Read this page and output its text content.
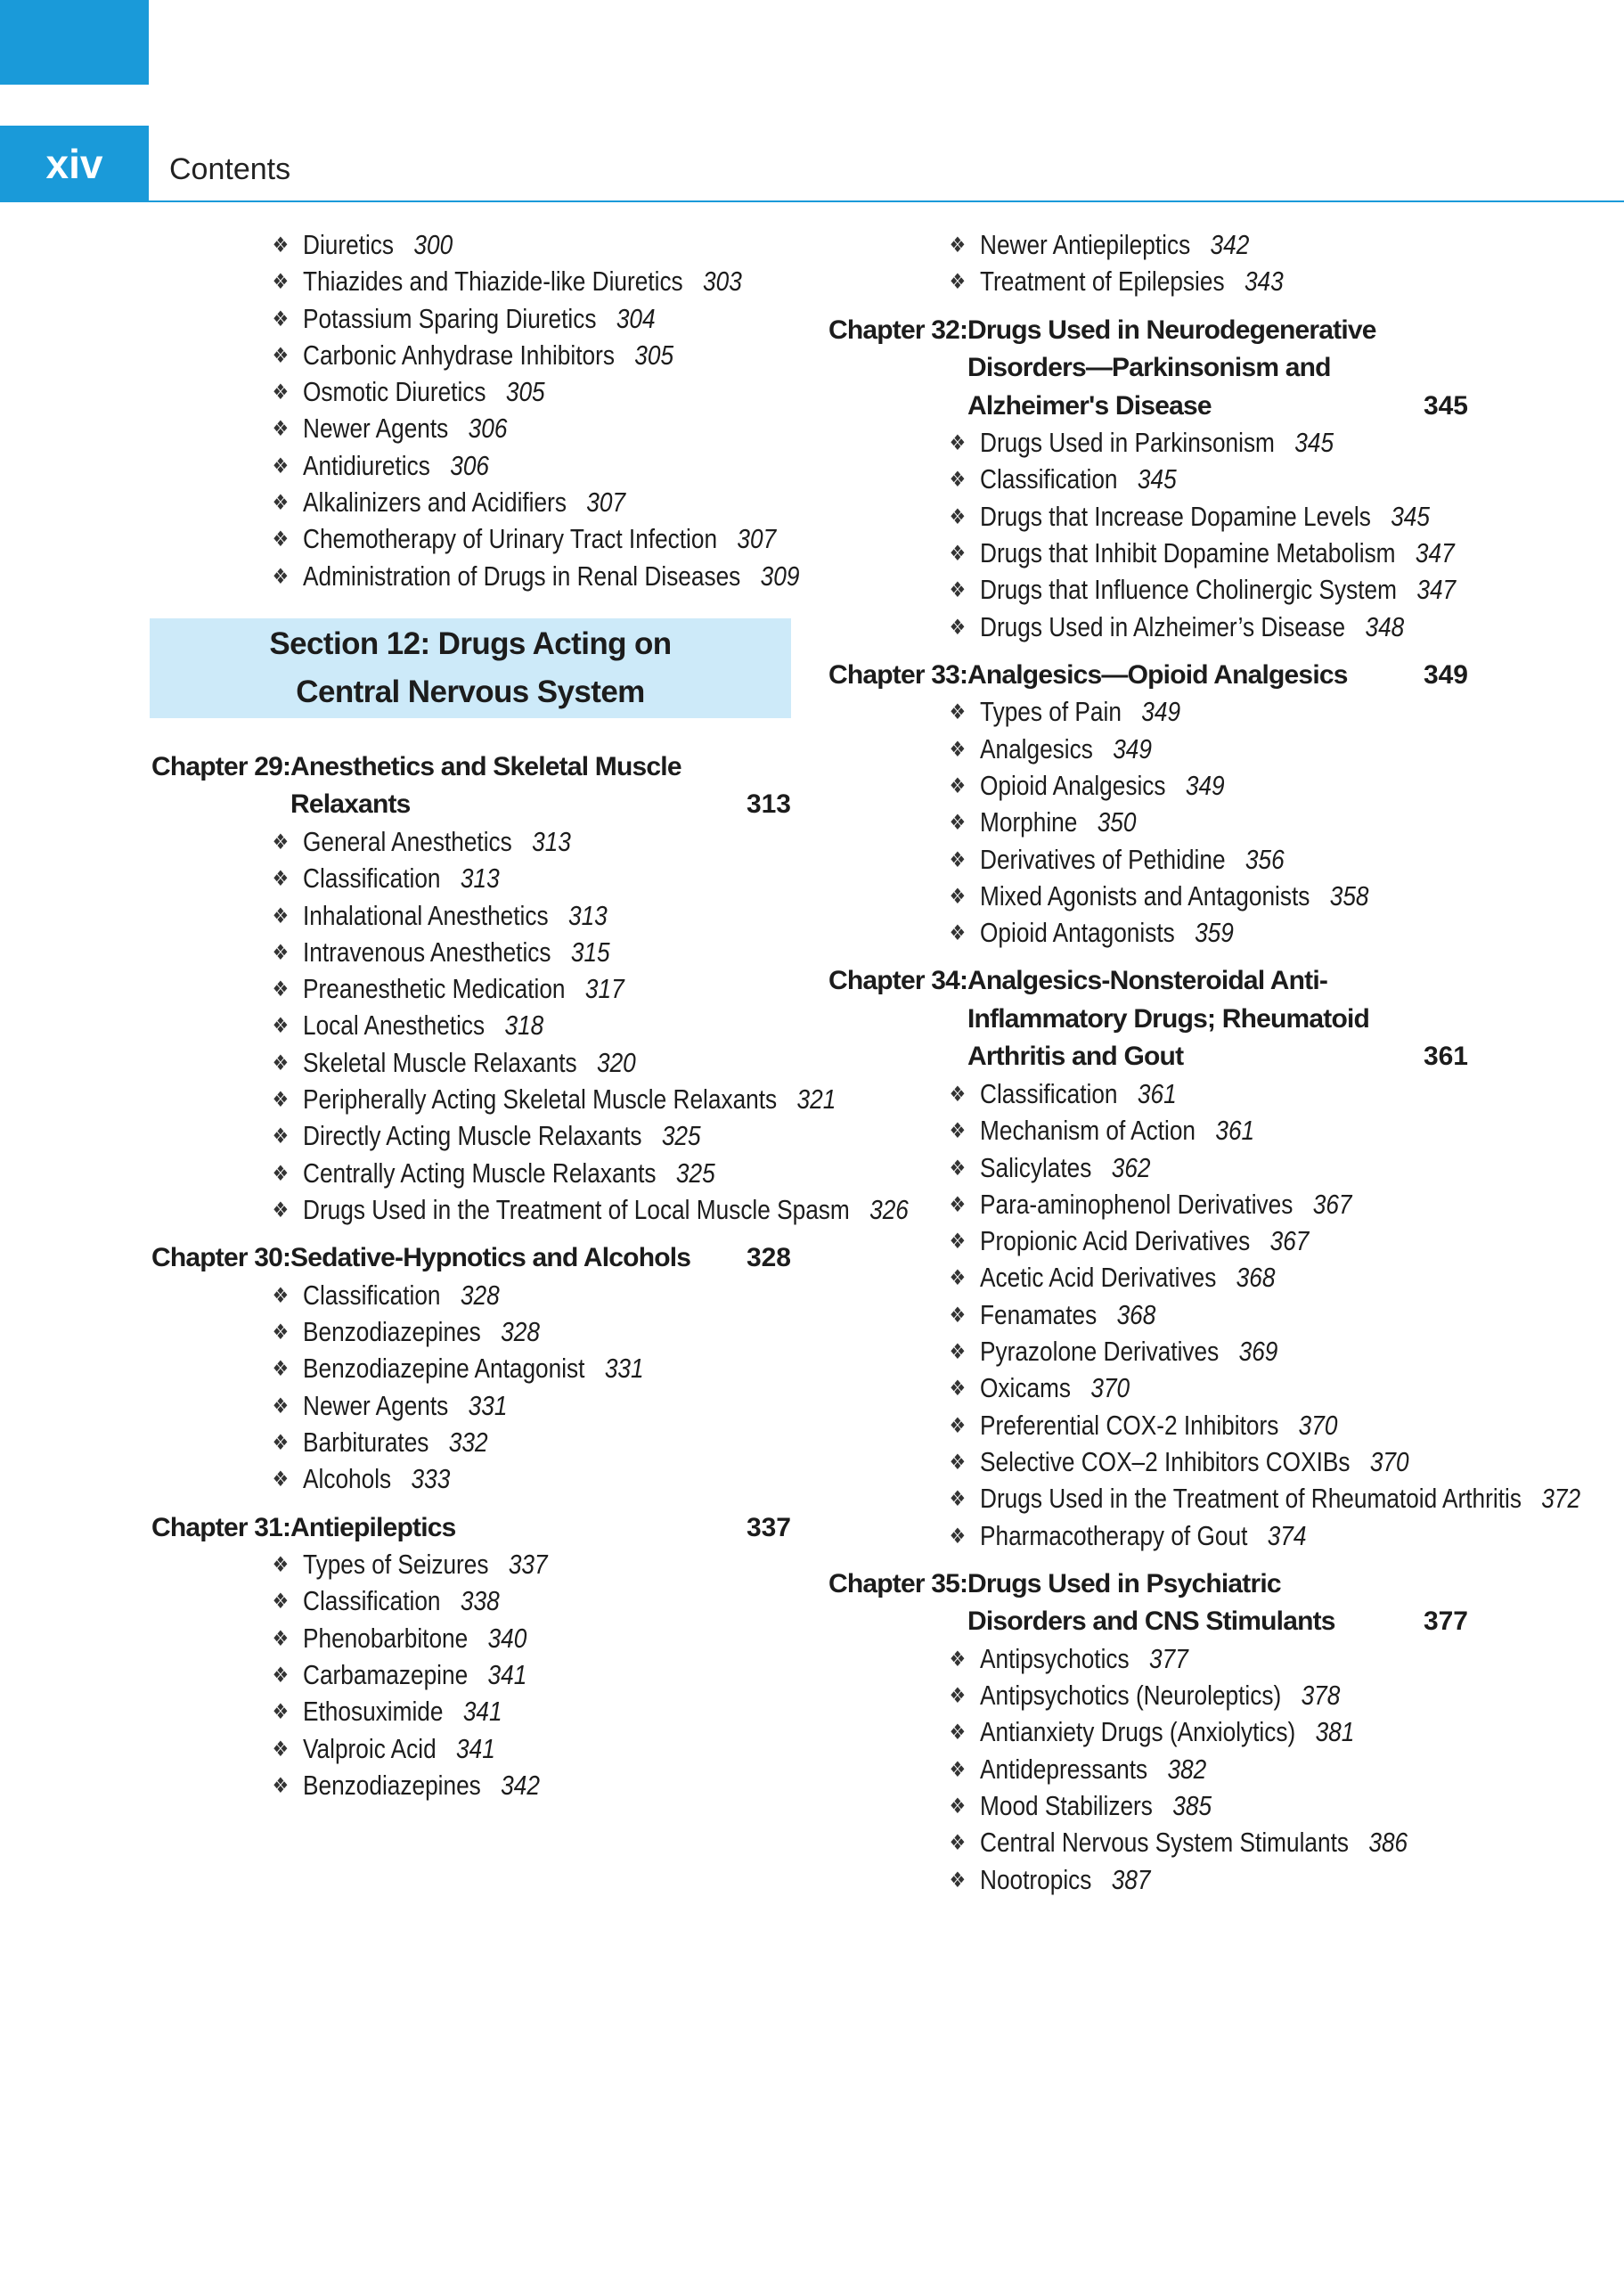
xiv	Contents
❖ Diuretics 300
❖ Thiazides and Thiazide-like Diuretics 303
❖ Potassium Sparing Diuretics 304
❖ Carbonic Anhydrase Inhibitors 305
❖ Osmotic Diuretics 305
❖ Newer Agents 306
❖ Antidiuretics 306
❖ Alkalinizers and Acidifiers 307
❖ Chemotherapy of Urinary Tract Infection 307
❖ Administration of Drugs in Renal Diseases 309
Section 12: Drugs Acting on
Central Nervous System
Chapter 29: Anesthetics and Skeletal Muscle Relaxants	313
❖ General Anesthetics 313
❖ Classification 313
❖ Inhalational Anesthetics 313
❖ Intravenous Anesthetics 315
❖ Preanesthetic Medication 317
❖ Local Anesthetics 318
❖ Skeletal Muscle Relaxants 320
❖ Peripherally Acting Skeletal Muscle Relaxants 321
❖ Directly Acting Muscle Relaxants 325
❖ Centrally Acting Muscle Relaxants 325
❖ Drugs Used in the Treatment of Local Muscle Spasm 326
Chapter 30: Sedative-Hypnotics and Alcohols	328
❖ Classification 328
❖ Benzodiazepines 328
❖ Benzodiazepine Antagonist 331
❖ Newer Agents 331
❖ Barbiturates 332
❖ Alcohols 333
Chapter 31: Antiepileptics	337
❖ Types of Seizures 337
❖ Classification 338
❖ Phenobarbitone 340
❖ Carbamazepine 341
❖ Ethosuximide 341
❖ Valproic Acid 341
❖ Benzodiazepines 342
❖ Newer Antiepileptics 342
❖ Treatment of Epilepsies 343
Chapter 32: Drugs Used in Neurodegenerative Disorders—Parkinsonism and Alzheimer's Disease	345
❖ Drugs Used in Parkinsonism 345
❖ Classification 345
❖ Drugs that Increase Dopamine Levels 345
❖ Drugs that Inhibit Dopamine Metabolism 347
❖ Drugs that Influence Cholinergic System 347
❖ Drugs Used in Alzheimer’s Disease 348
Chapter 33: Analgesics—Opioid Analgesics	349
❖ Types of Pain 349
❖ Analgesics 349
❖ Opioid Analgesics 349
❖ Morphine 350
❖ Derivatives of Pethidine 356
❖ Mixed Agonists and Antagonists 358
❖ Opioid Antagonists 359
Chapter 34: Analgesics-Nonsteroidal Anti-Inflammatory Drugs; Rheumatoid Arthritis and Gout	361
❖ Classification 361
❖ Mechanism of Action 361
❖ Salicylates 362
❖ Para-aminophenol Derivatives 367
❖ Propionic Acid Derivatives 367
❖ Acetic Acid Derivatives 368
❖ Fenamates 368
❖ Pyrazolone Derivatives 369
❖ Oxicams 370
❖ Preferential COX-2 Inhibitors 370
❖ Selective COX–2 Inhibitors COXIBs 370
❖ Drugs Used in the Treatment of Rheumatoid Arthritis 372
❖ Pharmacotherapy of Gout 374
Chapter 35: Drugs Used in Psychiatric Disorders and CNS Stimulants	377
❖ Antipsychotics 377
❖ Antipsychotics (Neuroleptics) 378
❖ Antianxiety Drugs (Anxiolytics) 381
❖ Antidepressants 382
❖ Mood Stabilizers 385
❖ Central Nervous System Stimulants 386
❖ Nootropics 387
